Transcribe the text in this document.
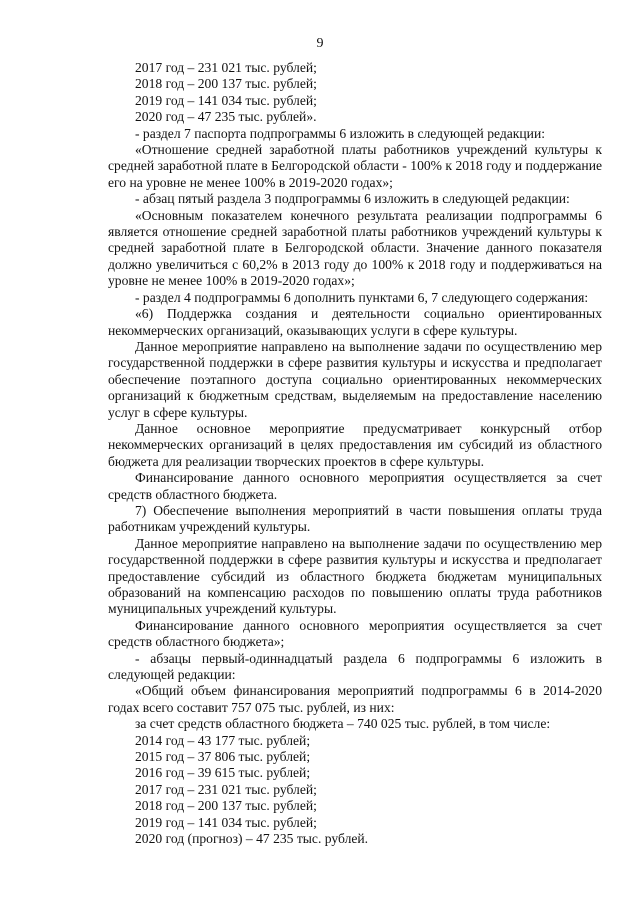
9

2017 год – 231 021 тыс. рублей;

2018 год – 200 137 тыс. рублей;

2019 год – 141 034 тыс. рублей;

2020 год – 47 235 тыс. рублей».

- раздел 7 паспорта подпрограммы 6 изложить в следующей редакции:

«Отношение средней заработной платы работников учреждений культуры к средней заработной плате в Белгородской области - 100% к 2018 году и поддержание его на уровне не менее 100% в 2019-2020 годах»;

- абзац пятый раздела 3 подпрограммы 6 изложить в следующей редакции:

«Основным показателем конечного результата реализации подпрограммы 6 является отношение средней заработной платы работников учреждений культуры к средней заработной плате в Белгородской области. Значение данного показателя должно увеличиться с 60,2% в 2013 году до 100% к 2018 году и поддерживаться на уровне не менее 100% в 2019-2020 годах»;

- раздел 4 подпрограммы 6 дополнить пунктами 6, 7 следующего содержания:

«6) Поддержка создания и деятельности социально ориентированных некоммерческих организаций, оказывающих услуги в сфере культуры.

Данное мероприятие направлено на выполнение задачи по осуществлению мер государственной поддержки в сфере развития культуры и искусства и предполагает обеспечение поэтапного доступа социально ориентированных некоммерческих организаций к бюджетным средствам, выделяемым на предоставление населению услуг в сфере культуры.

Данное основное мероприятие предусматривает конкурсный отбор некоммерческих организаций в целях предоставления им субсидий из областного бюджета для реализации творческих проектов в сфере культуры.

Финансирование данного основного мероприятия осуществляется за счет средств областного бюджета.

7) Обеспечение выполнения мероприятий в части повышения оплаты труда работникам учреждений культуры.

Данное мероприятие направлено на выполнение задачи по осуществлению мер государственной поддержки в сфере развития культуры и искусства и предполагает предоставление субсидий из областного бюджета бюджетам муниципальных образований на компенсацию расходов по повышению оплаты труда работников муниципальных учреждений культуры.

Финансирование данного основного мероприятия осуществляется за счет средств областного бюджета»;

- абзацы первый-одиннадцатый раздела 6 подпрограммы 6 изложить в следующей редакции:

«Общий объем финансирования мероприятий подпрограммы 6 в 2014-2020 годах всего составит 757 075 тыс. рублей, из них:

за счет средств областного бюджета – 740 025 тыс. рублей, в том числе:

2014 год – 43 177 тыс. рублей;

2015 год – 37 806 тыс. рублей;

2016 год – 39 615 тыс. рублей;

2017 год – 231 021 тыс. рублей;

2018 год – 200 137 тыс. рублей;

2019 год – 141 034 тыс. рублей;

2020 год (прогноз) – 47 235 тыс. рублей.
